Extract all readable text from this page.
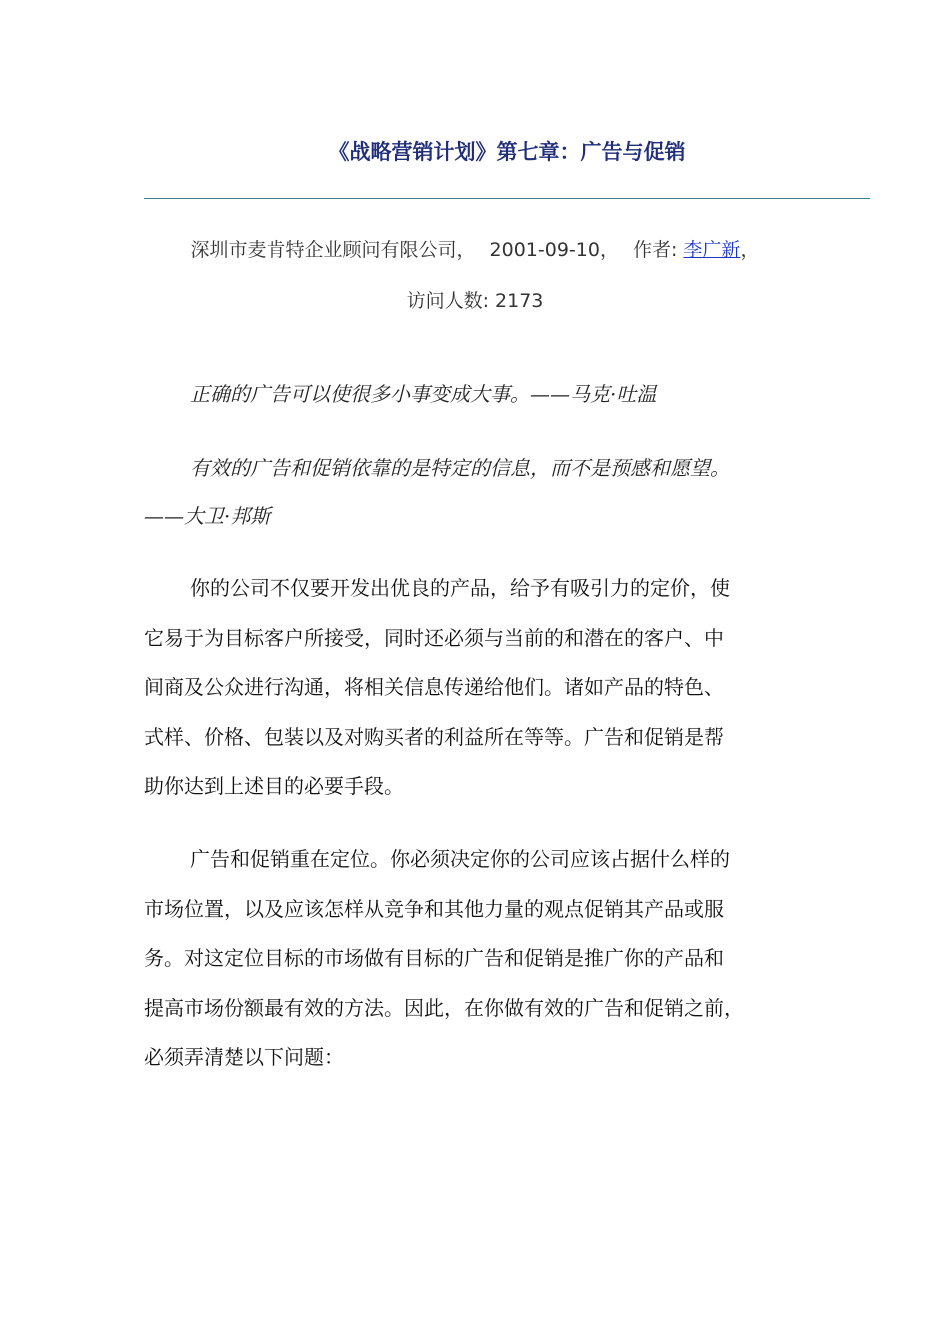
《战略营销计划》第七章：广告与促销
深圳市麦肯特企业顾问有限公司， 2001-09-10， 作者: 李广新，
访问人数: 2173

正确的广告可以使很多小事变成大事。——马克·吐温

有效的广告和促销依靠的是特定的信息，而不是预感和愿望。
——大卫·邦斯

你的公司不仅要开发出优良的产品，给予有吸引力的定价，使
它易于为目标客户所接受，同时还必须与当前的和潜在的客户、中
间商及公众进行沟通，将相关信息传递给他们。诸如产品的特色、
式样、价格、包装以及对购买者的利益所在等等。广告和促销是帮
助你达到上述目的必要手段。

广告和促销重在定位。你必须决定你的公司应该占据什么样的
市场位置，以及应该怎样从竞争和其他力量的观点促销其产品或服
务。对这定位目标的市场做有目标的广告和促销是推广你的产品和
提高市场份额最有效的方法。因此，在你做有效的广告和促销之前，
必须弄清楚以下问题：
